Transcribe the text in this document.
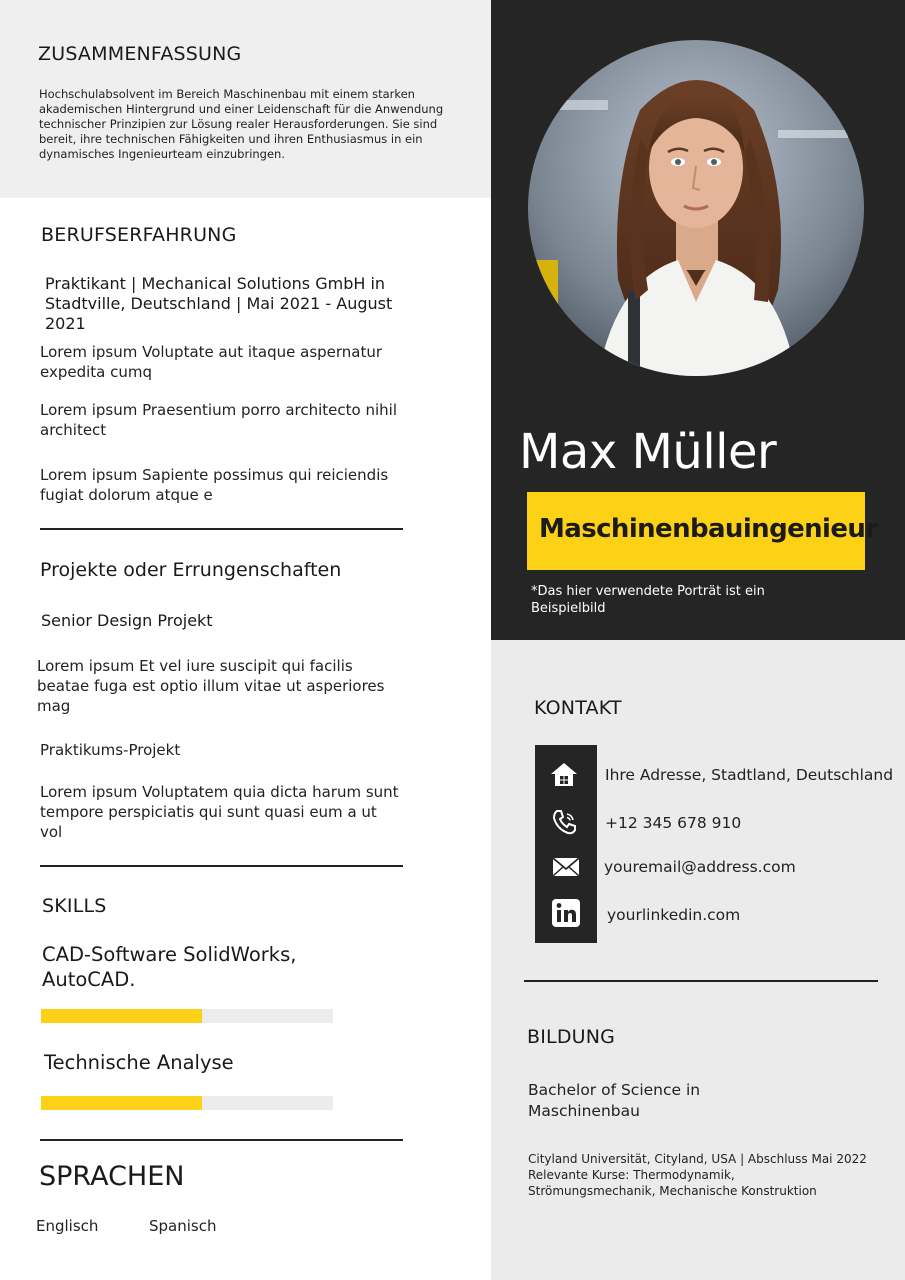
ZUSAMMENFASSUNG
Hochschulabsolvent im Bereich Maschinenbau mit einem starken akademischen Hintergrund und einer Leidenschaft für die Anwendung technischer Prinzipien zur Lösung realer Herausforderungen. Sie sind bereit, ihre technischen Fähigkeiten und ihren Enthusiasmus in ein dynamisches Ingenieurteam einzubringen.
BERUFSERFAHRUNG
Praktikant | Mechanical Solutions GmbH in Stadtville, Deutschland | Mai 2021 - August 2021
Lorem ipsum Voluptate aut itaque aspernatur expedita cumq
Lorem ipsum Praesentium porro architecto nihil architect
Lorem ipsum Sapiente possimus qui reiciendis fugiat dolorum atque e
Projekte oder Errungenschaften
Senior Design Projekt
Lorem ipsum Et vel iure suscipit qui facilis beatae fuga est optio illum vitae ut asperiores mag
Praktikums-Projekt
Lorem ipsum Voluptatem quia dicta harum sunt tempore perspiciatis qui sunt quasi eum a ut vol
SKILLS
CAD-Software SolidWorks, AutoCAD.
Technische Analyse
SPRACHEN
Englisch	Spanisch
Max Müller
Maschinenbauingenieur
*Das hier verwendete Porträt ist ein Beispielbild
KONTAKT
Ihre Adresse, Stadtland, Deutschland
+12 345 678 910
youremail@address.com
yourlinkedin.com
BILDUNG
Bachelor of Science in Maschinenbau
Cityland Universität, Cityland, USA | Abschluss Mai 2022
Relevante Kurse: Thermodynamik, Strömungsmechanik, Mechanische Konstruktion
